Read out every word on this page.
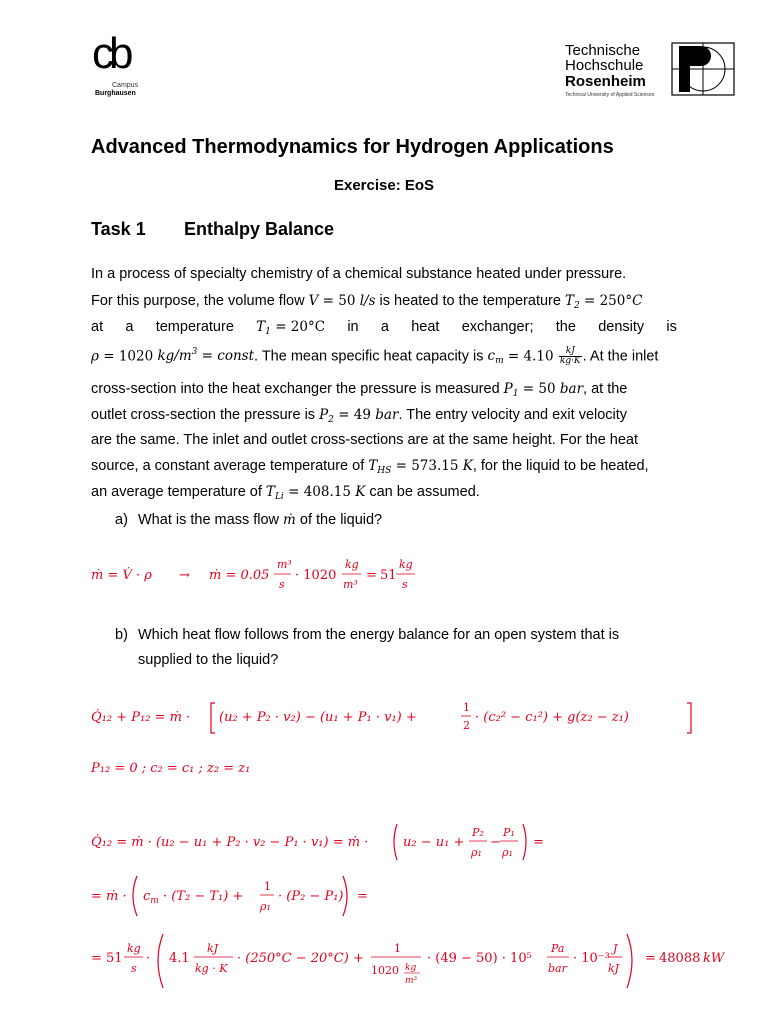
cb
Campus
Burghausen
Technische
Hochschule
Rosenheim
Technical University of Applied Sciences
Advanced Thermodynamics for Hydrogen Applications
Exercise: EoS
Task 1 Enthalpy Balance
In a process of specialty chemistry of a chemical substance heated under pressure.
For this purpose, the volume flow V = 50 l/s is heated to the temperature $T_2 = 250^\circ C$
at a temperature $T_1 = 20^\circ C$ in a heat exchanger; the density is
ρ = 1020 $kg/m^3$ = const. The mean specific heat capacity is $c_m = 4.10 \frac{kJ}{kg\cdot K}$ . At the inlet
cross-section into the heat exchanger the pressure is measured $P_1 = 50$ bar, at the
outlet cross-section the pressure is $P_2 = 49$ bar. The entry velocity and exit velocity
are the same. The inlet and outlet cross-sections are at the same height. For the heat
source, a constant average temperature of $T_{HS} = 573.15$ K, for the liquid to be heated,
an average temperature of $T_{Li} = 408.15$ K can be assumed.
a) What is the mass flow ṁ of the liquid?
ṁ = V̇ · ρ → ṁ = 0.05
m³
s
· 1020
kg
m³
= 51
kg
s
b) Which heat flow follows from the energy balance for an open system that is
supplied to the liquid?
Q̇₁₂ + P₁₂ = ṁ · (u₂ + P₂ · v₂) − (u₁ + P₁ · v₁) +
1
2
· (c₂² − c₁²) + g(z₂ − z₁)
P₁₂ = 0 ; c₂ = c₁ ; z₂ = z₁
Q̇₁₂ = ṁ · (u₂ − u₁ + P₂ · v₂ − P₁ · v₁) = ṁ ·	u₂ − u₁ +
P₂
ρ₁
−
P₁
ρ₁
=
= ṁ · $c_m \cdot (T_2 - T_1)$ +
1
ρ₁
· (P₂ − P₁) =
= 51
kg
s
· 4.1
kJ
kg · K
· (250°C − 20°C) +
1
1020 kg
m³
· (49 − 50) · 10⁵
Pa
bar
· 10⁻³
J
kJ
= 48088 kW
